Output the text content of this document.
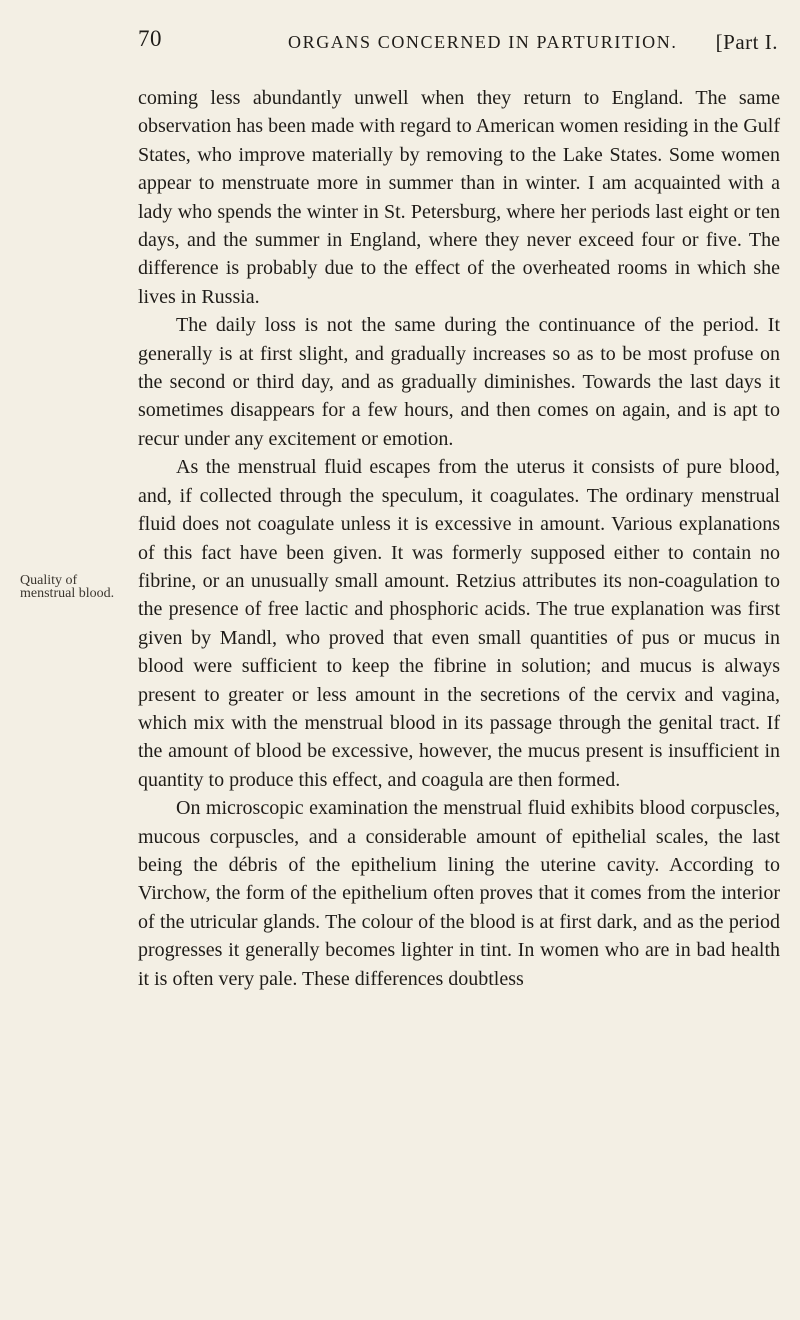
70	ORGANS CONCERNED IN PARTURITION. [Part I.
Quality of menstrual blood.

coming less abundantly unwell when they return to England. The same observation has been made with regard to American women residing in the Gulf States, who improve materially by removing to the Lake States. Some women appear to menstruate more in summer than in winter. I am acquainted with a lady who spends the winter in St. Petersburg, where her periods last eight or ten days, and the summer in England, where they never exceed four or five. The difference is probably due to the effect of the overheated rooms in which she lives in Russia.

The daily loss is not the same during the continuance of the period. It generally is at first slight, and gradually increases so as to be most profuse on the second or third day, and as gradually diminishes. Towards the last days it sometimes disappears for a few hours, and then comes on again, and is apt to recur under any excitement or emotion.

As the menstrual fluid escapes from the uterus it consists of pure blood, and, if collected through the speculum, it coagulates. The ordinary menstrual fluid does not coagulate unless it is excessive in amount. Various explanations of this fact have been given. It was formerly supposed either to contain no fibrine, or an unusually small amount. Retzius attributes its non-coagulation to the presence of free lactic and phosphoric acids. The true explanation was first given by Mandl, who proved that even small quantities of pus or mucus in blood were sufficient to keep the fibrine in solution; and mucus is always present to greater or less amount in the secretions of the cervix and vagina, which mix with the menstrual blood in its passage through the genital tract. If the amount of blood be excessive, however, the mucus present is insufficient in quantity to produce this effect, and coagula are then formed.

On microscopic examination the menstrual fluid exhibits blood corpuscles, mucous corpuscles, and a considerable amount of epithelial scales, the last being the débris of the epithelium lining the uterine cavity. According to Virchow, the form of the epithelium often proves that it comes from the interior of the utricular glands. The colour of the blood is at first dark, and as the period progresses it generally becomes lighter in tint. In women who are in bad health it is often very pale. These differences doubtless
